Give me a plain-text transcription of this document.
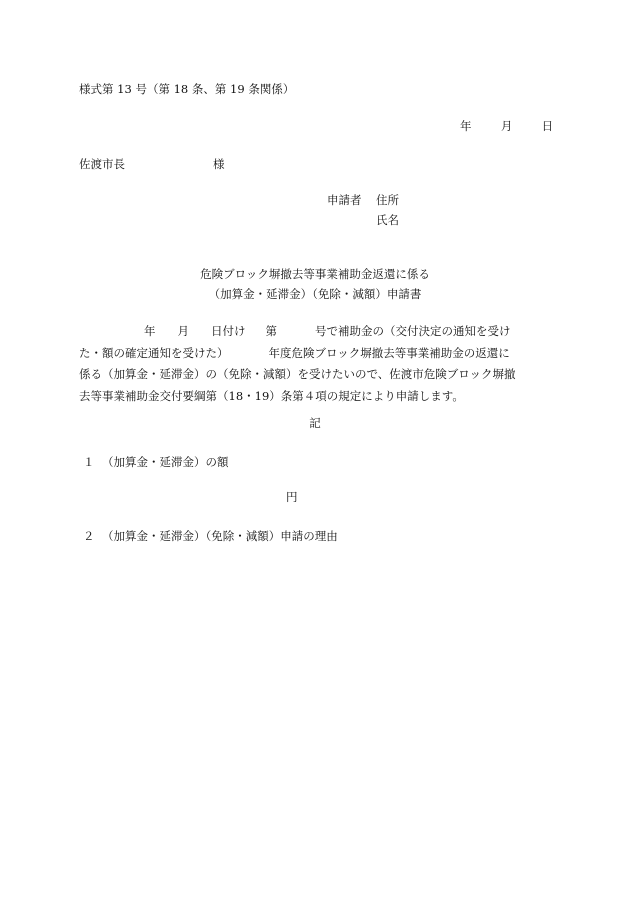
様式第 13 号（第 18 条、第 19 条関係）
年	月	日
佐渡市長	様
申請者 住所
氏名
危険ブロック塀撤去等事業補助金返還に係る
（加算金・延滞金）（免除・減額）申請書
年 月 日付け 第	号で補助金の（交付決定の通知を受け
た・額の確定通知を受けた）	年度危険ブロック塀撤去等事業補助金の返還に
係る（加算金・延滞金）の（免除・減額）を受けたいので、佐渡市危険ブロック塀撤
去等事業補助金交付要綱第（18・19）条第４項の規定により申請します。
記
１ （加算金・延滞金）の額
円
２ （加算金・延滞金）（免除・減額）申請の理由
